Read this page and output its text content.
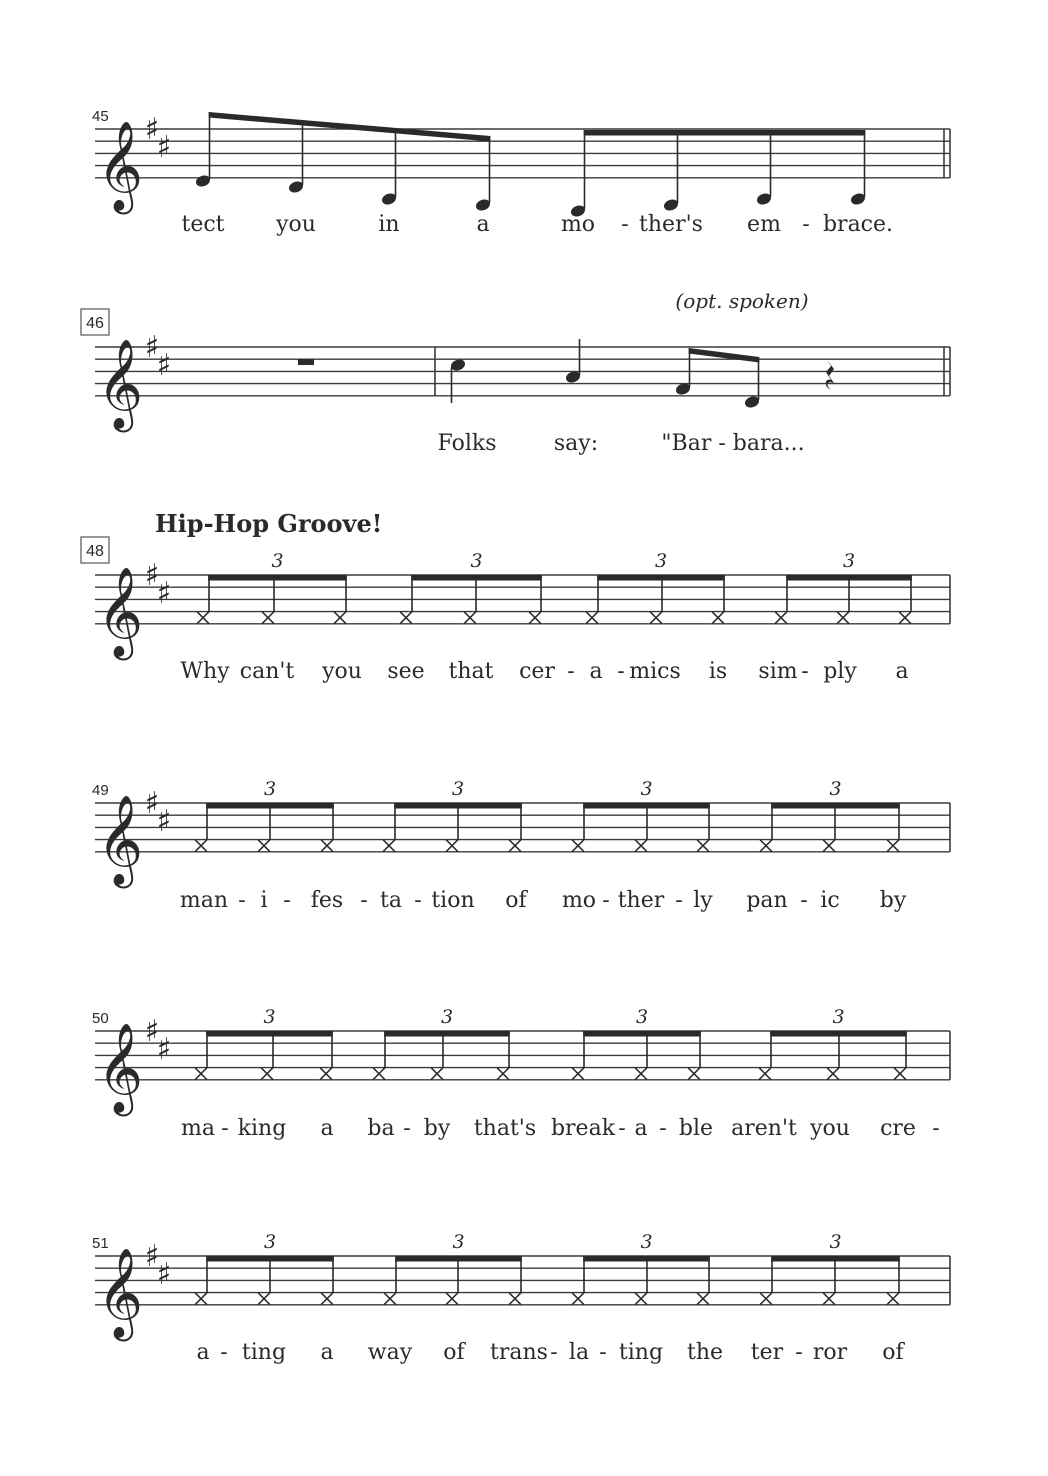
𝄞 ♯
♯
45
tect you	in	a	mo - ther's em - brace.
𝄞 ♯
♯
46
(opt. spoken)
Folks	say:	"Bar - bara...
𝄞 ♯
♯
48
Hip-Hop Groove!
3	3	3	3
Why can't you see that cer - a - mics is sim - ply a
𝄞 ♯
♯
49	3	3	3	3
man - i - fes - ta - tion of mo - ther - ly pan - ic by
𝄞 ♯
♯
50	3	3	3	3
ma - king a ba - by that's break - a - ble aren't you cre -
𝄞 ♯
♯
51	3	3	3	3
a - ting a way of trans - la - ting the ter - ror of
